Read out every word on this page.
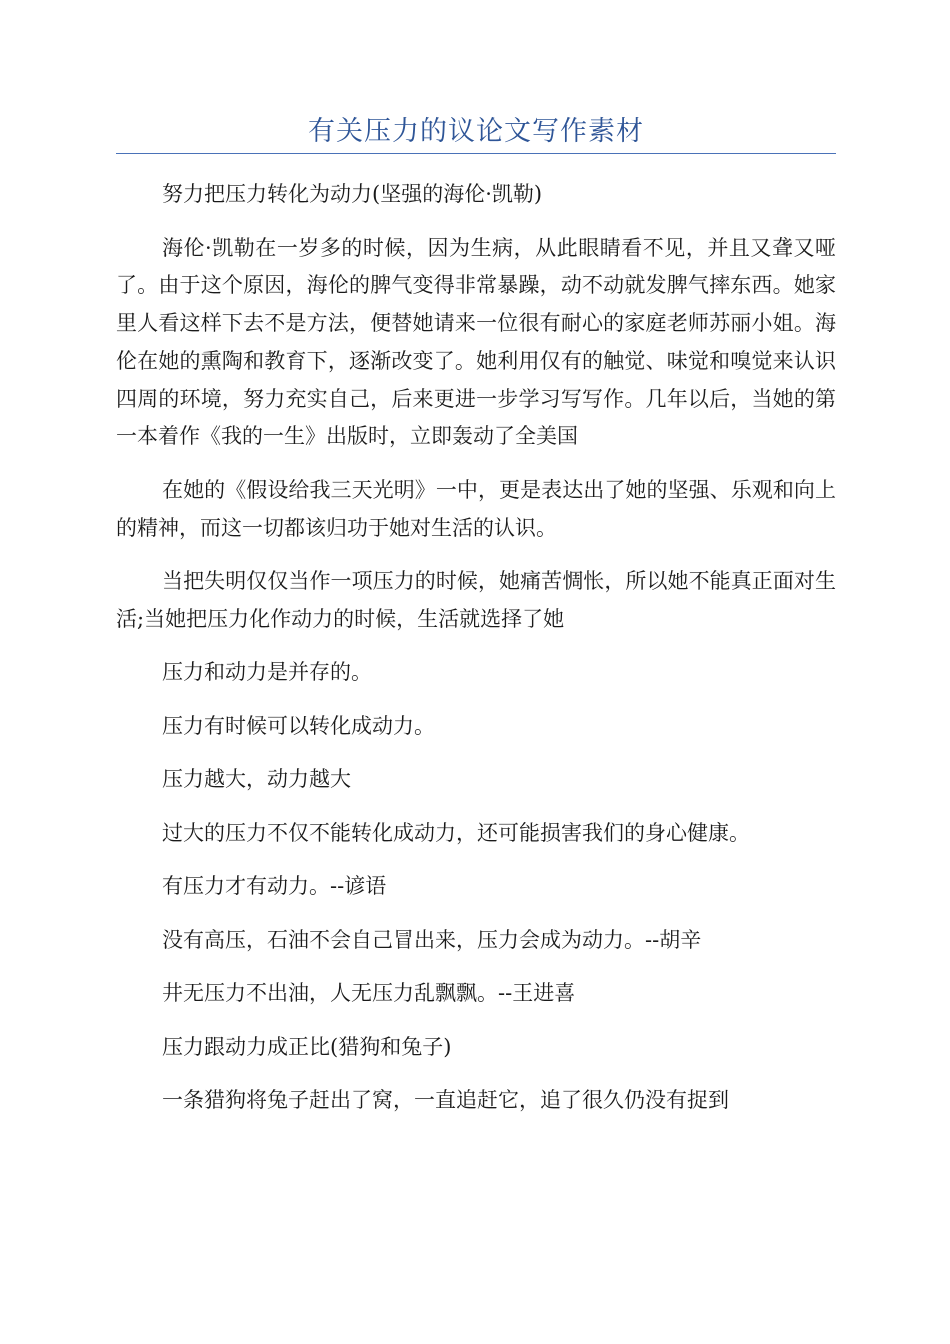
有关压力的议论文写作素材

努力把压力转化为动力(坚强的海伦·凯勒)

海伦·凯勒在一岁多的时候，因为生病，从此眼睛看不见，并且又聋又哑了。由于这个原因，海伦的脾气变得非常暴躁，动不动就发脾气摔东西。她家里人看这样下去不是方法，便替她请来一位很有耐心的家庭老师苏丽小姐。海伦在她的熏陶和教育下，逐渐改变了。她利用仅有的触觉、味觉和嗅觉来认识四周的环境，努力充实自己，后来更进一步学习写写作。几年以后，当她的第一本着作《我的一生》出版时，立即轰动了全美国

在她的《假设给我三天光明》一中，更是表达出了她的坚强、乐观和向上的精神，而这一切都该归功于她对生活的认识。

当把失明仅仅当作一项压力的时候，她痛苦惆怅，所以她不能真正面对生活;当她把压力化作动力的时候，生活就选择了她

压力和动力是并存的。

压力有时候可以转化成动力。

压力越大，动力越大

过大的压力不仅不能转化成动力，还可能损害我们的身心健康。

有压力才有动力。--谚语

没有高压，石油不会自己冒出来，压力会成为动力。--胡辛

井无压力不出油，人无压力乱飘飘。--王进喜

压力跟动力成正比(猎狗和兔子)

一条猎狗将兔子赶出了窝，一直追赶它，追了很久仍没有捉到
